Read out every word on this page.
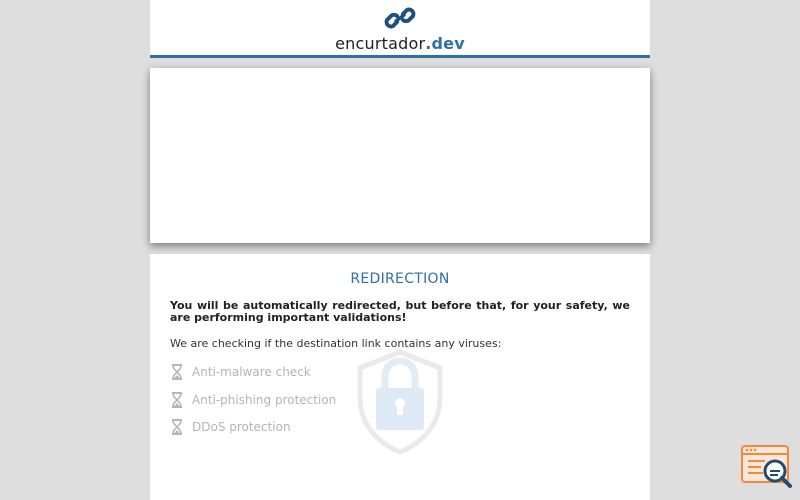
encurtador.dev
REDIRECTION
You will be automatically redirected, but before that, for your safety, we are performing important validations!
We are checking if the destination link contains any viruses:
Anti-malware check
Anti-phishing protection
DDoS protection
